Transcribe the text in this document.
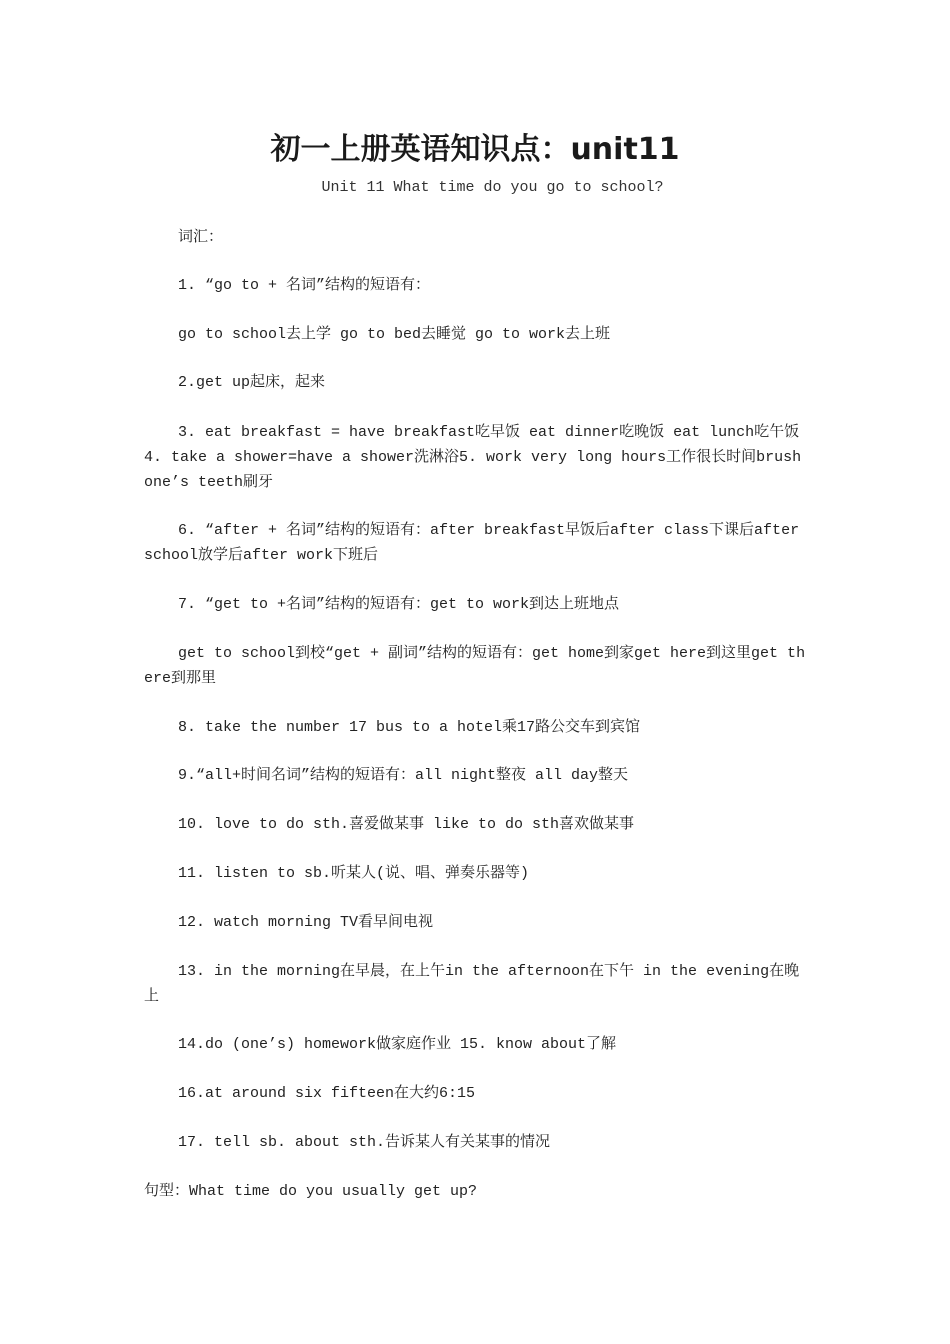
初一上册英语知识点：unit11
Unit 11 What time do you go to school?
词汇：
1. “go to + 名词”结构的短语有：
go to school去上学 go to bed去睡觉 go to work去上班
2.get up起床，起来
3. eat breakfast = have breakfast吃早饭 eat dinner吃晚饭 eat lunch吃午饭 4. take a shower=have a shower洗淋浴5. work very long hours工作很长时间brush one’s teeth刷牙
6. “after + 名词”结构的短语有：after breakfast早饭后after class下课后after school放学后after work下班后
7. “get to +名词”结构的短语有：get to work到达上班地点
get to school到校“get + 副词”结构的短语有：get home到家get here到这里get there到那里
8. take the number 17 bus to a hotel乘17路公交车到宾馆
9.“all+时间名词”结构的短语有：all night整夜 all day整天
10. love to do sth.喜爱做某事 like to do sth喜欢做某事
11. listen to sb.听某人(说、唱、弹奏乐器等)
12. watch morning TV看早间电视
13. in the morning在早晨，在上午in the afternoon在下午 in the evening在晚上
14.do (one’s) homework做家庭作业 15. know about了解
16.at around six fifteen在大约6:15
17. tell sb. about sth.告诉某人有关某事的情况
句型：What time do you usually get up?
